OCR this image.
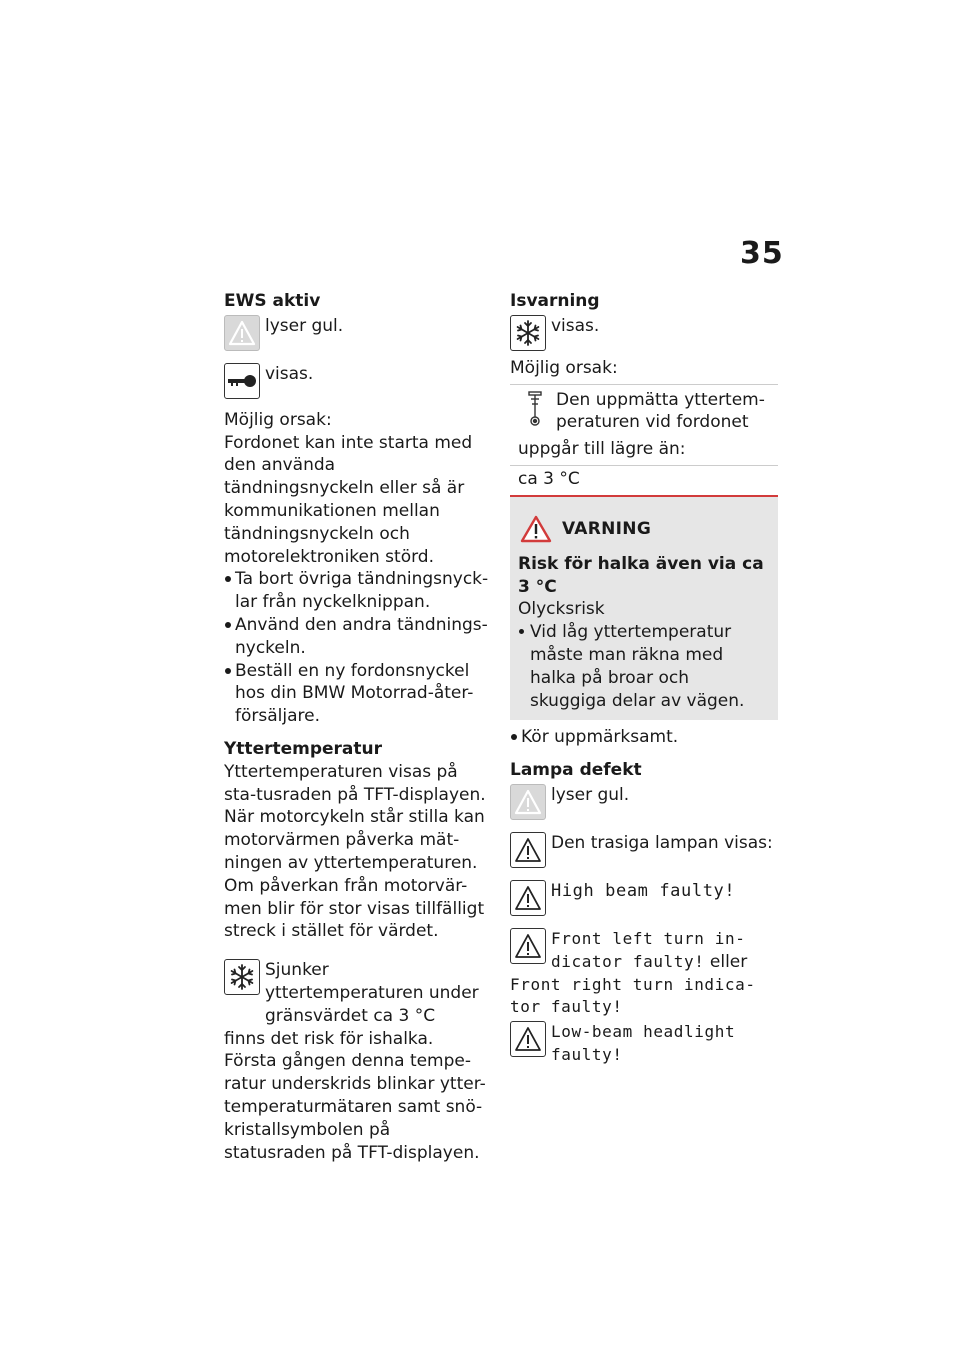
35
EWS aktiv
lyser gul.
visas.

Möjlig orsak:

Fordonet kan inte starta med den använda tändningsnyckeln eller så är kommunikationen mellan tändningsnyckeln och motorelektroniken störd.

Ta bort övriga tändningsnyck-lar från nyckelknippan.
Använd den andra tändnings-nyckeln.
Beställ en ny fordonsnyckel hos din BMW Motorrad-åter-försäljare.
Yttertemperatur

Yttertemperaturen visas på sta-tusraden på TFT-displayen. När motorcykeln står stilla kan motorvärmen påverka mät-ningen av yttertemperaturen. Om påverkan från motorvär-men blir för stor visas tillfälligt streck i stället för värdet.

Sjunker yttertemperaturen under gränsvärdet ca 3 °C

finns det risk för ishalka. Första gången denna tempe-ratur underskrids blinkar ytter-temperaturmätaren samt snö-kristallsymbolen på statusraden på TFT-displayen.

Isvarning
visas.

Möjlig orsak:

Den uppmätta yttertem-peraturen vid fordonet
uppgår till lägre än:
ca 3 °C
VARNING
Risk för halka även via ca
3 °C

Olycksrisk

Vid låg yttertemperatur måste man räkna med halka på broar och skuggiga delar av vägen.
Kör uppmärksamt.
Lampa defekt
lyser gul.
Den trasiga lampan visas:
High beam faulty!
Front left turn in-
dicator faulty! eller
Front right turn indica-
tor faulty!
Low-beam headlight
faulty!
